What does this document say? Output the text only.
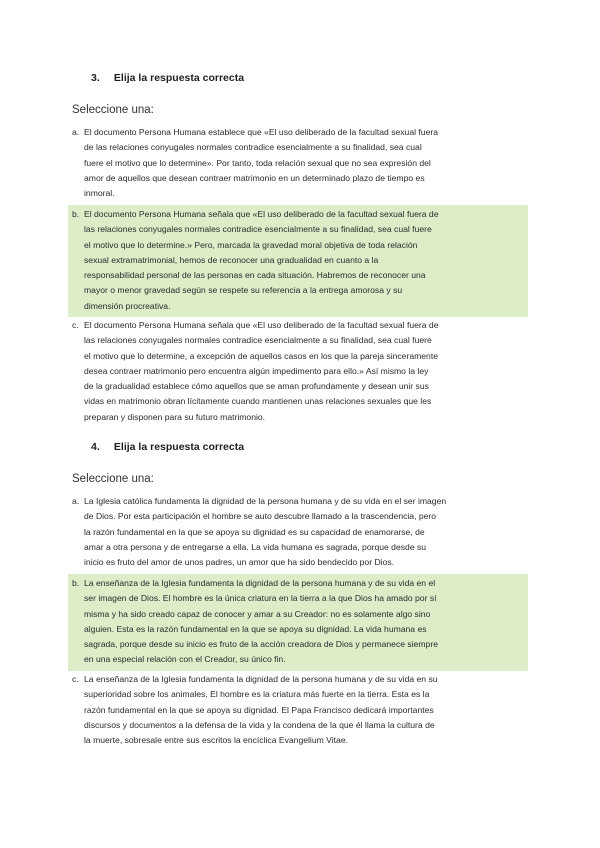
3. Elija la respuesta correcta
Seleccione una:
a. El documento Persona Humana establece que «El uso deliberado de la facultad sexual fuera
de las relaciones conyugales normales contradice esencialmente a su finalidad, sea cual
fuere el motivo que lo determine». Por tanto, toda relación sexual que no sea expresión del
amor de aquellos que desean contraer matrimonio en un determinado plazo de tiempo es
inmoral.
b. El documento Persona Humana señala que «El uso deliberado de la facultad sexual fuera de
las relaciones conyugales normales contradice esencialmente a su finalidad, sea cual fuere
el motivo que lo determine.» Pero, marcada la gravedad moral objetiva de toda relación
sexual extramatrimonial, hemos de reconocer una gradualidad en cuanto a la
responsabilidad personal de las personas en cada situación. Habremos de reconocer una
mayor o menor gravedad según se respete su referencia a la entrega amorosa y su
dimensión procreativa.
c. El documento Persona Humana señala que «El uso deliberado de la facultad sexual fuera de
las relaciones conyugales normales contradice esencialmente a su finalidad, sea cual fuere
el motivo que lo determine, a excepción de aquellos casos en los que la pareja sinceramente
desea contraer matrimonio pero encuentra algún impedimento para ello.» Así mismo la ley
de la gradualidad establece cómo aquellos que se aman profundamente y desean unir sus
vidas en matrimonio obran lícitamente cuando mantienen unas relaciones sexuales que les
preparan y disponen para su futuro matrimonio.
4. Elija la respuesta correcta
Seleccione una:
a. La Iglesia católica fundamenta la dignidad de la persona humana y de su vida en el ser imagen
de Dios. Por esta participación el hombre se auto descubre llamado a la trascendencia, pero
la razón fundamental en la que se apoya su dignidad es su capacidad de enamorarse, de
amar a otra persona y de entregarse a ella. La vida humana es sagrada, porque desde su
inicio es fruto del amor de unos padres, un amor que ha sido bendecido por Dios.
b. La enseñanza de la Iglesia fundamenta la dignidad de la persona humana y de su vida en el
ser imagen de Dios. El hombre es la única criatura en la tierra a la que Dios ha amado por sí
misma y ha sido creado capaz de conocer y amar a su Creador: no es solamente algo sino
alguien. Esta es la razón fundamental en la que se apoya su dignidad. La vida humana es
sagrada, porque desde su inicio es fruto de la acción creadora de Dios y permanece siempre
en una especial relación con el Creador, su único fin.
c. La enseñanza de la Iglesia fundamenta la dignidad de la persona humana y de su vida en su
superioridad sobre los animales. El hombre es la criatura más fuerte en la tierra. Esta es la
razón fundamental en la que se apoya su dignidad. El Papa Francisco dedicará importantes
discursos y documentos a la defensa de la vida y la condena de la que él llama la cultura de
la muerte, sobresale entre sus escritos la encíclica Evangelium Vitae.
